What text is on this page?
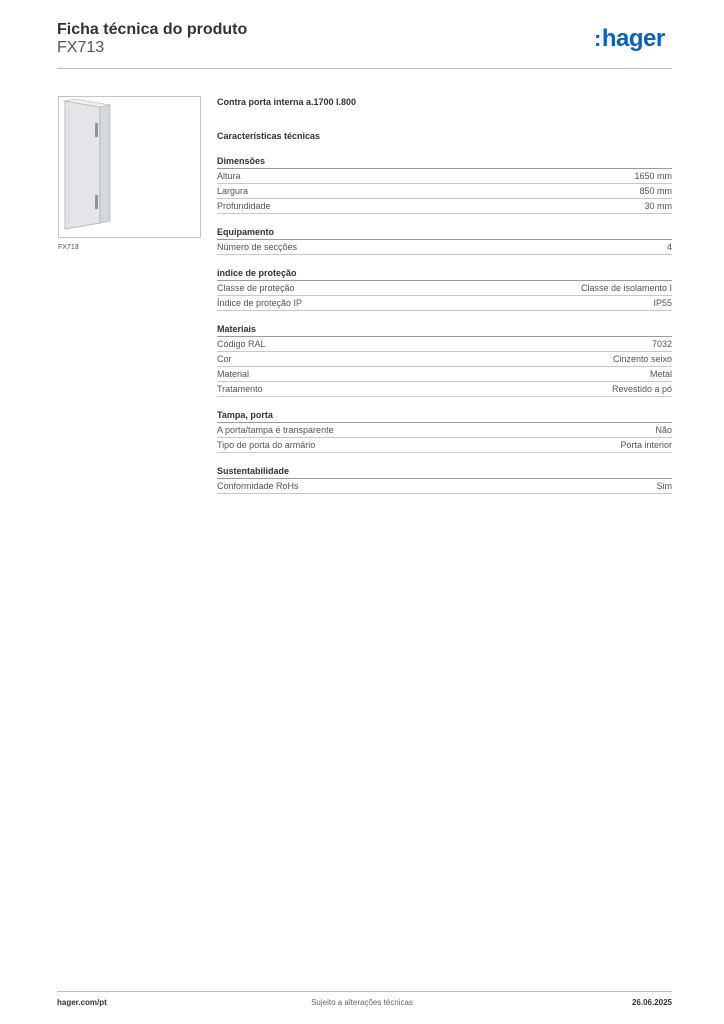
Ficha técnica do produto
FX713	:hager
FX713
Contra porta interna a.1700 l.800
Características técnicas
Dimensões
Altura	1650 mm
Largura	850 mm
Profundidade	30 mm
Equipamento
Número de secções	4
índice de proteção
Classe de proteção	Classe de isolamento I
Índice de proteção IP	IP55
Materiais
Código RAL	7032
Cor	Cinzento seixo
Material	Metal
Tratamento	Revestido a pó
Tampa, porta
A porta/tampa é transparente	Não
Tipo de porta do armário	Porta interior
Sustentabilidade
Conformidade RoHs	Sim
hager.com/pt	Sujeito a alterações técnicas	26.06.2025
